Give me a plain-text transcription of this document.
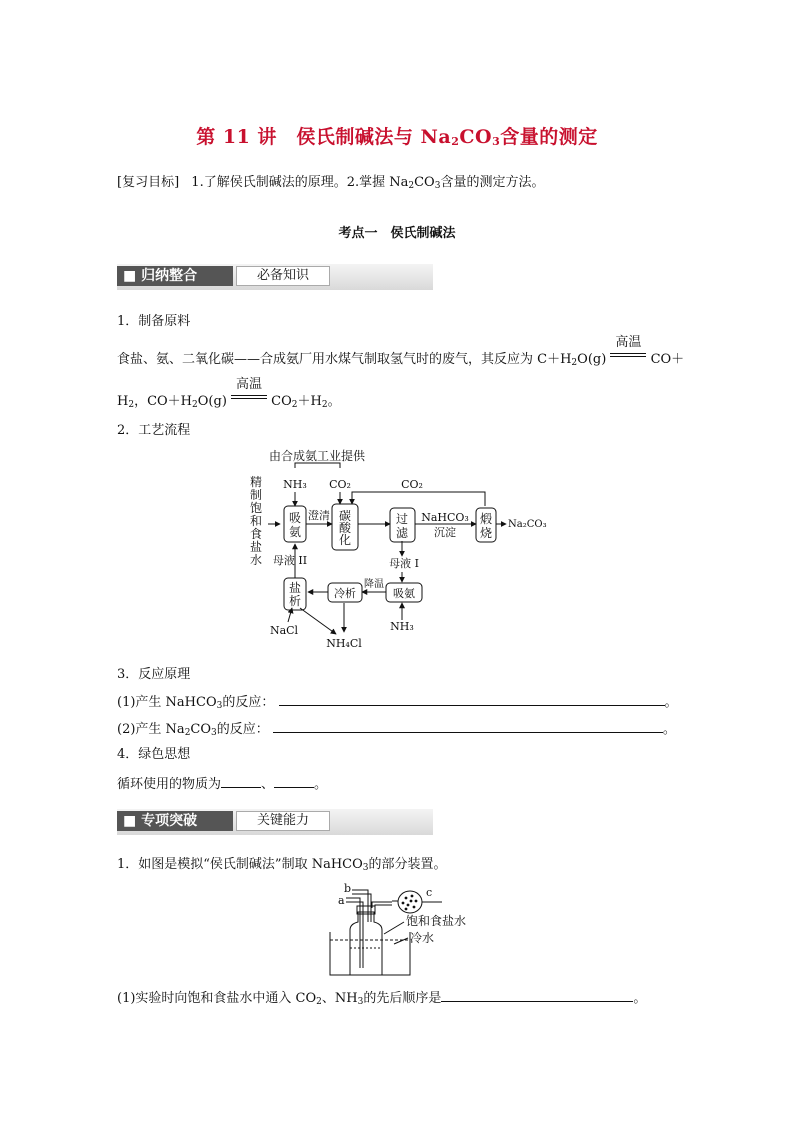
第 11 讲　侯氏制碱法与 Na2CO3含量的测定
[复习目标] 1.了解侯氏制碱法的原理。2.掌握 $Na_2CO_3$含量的测定方法。
考点一　侯氏制碱法
■ 归纳整合	必备知识
1．制备原料
食盐、氨、二氧化碳——合成氨厂用水煤气制取氢气时的废气，其反应为 $C+H_2O(g)$
高温
CO＋
$H_2$，$CO+H_2O(g)$
高温
$CO_2+H_2$。
2．工艺流程
由合成氨工业提供
NH₃ CO₂	CO₂
精
制
饱
和
食
盐
水
吸
氨
碳
酸
化
过
滤
煅
烧
盐
析
澄清	NaHCO₃
沉淀
Na₂CO₃
母液 II	母液 I
冷析
降温
吸氨
NaCl
NH₄Cl
NH₃
3．反应原理
(1)产生 NaHCO$_3$的反应：	。
(2)产生 $Na_2CO_3$的反应：	。
4．绿色思想
循环使用的物质为	、	。
■ 专项突破	关键能力
1．如图是模拟“侯氏制碱法”制取 NaHCO$_3$的部分装置。
a
b	c
饱和食盐水
冷水
(1)实验时向饱和食盐水中通入 $CO_2$、$NH_3$的先后顺序是	。
